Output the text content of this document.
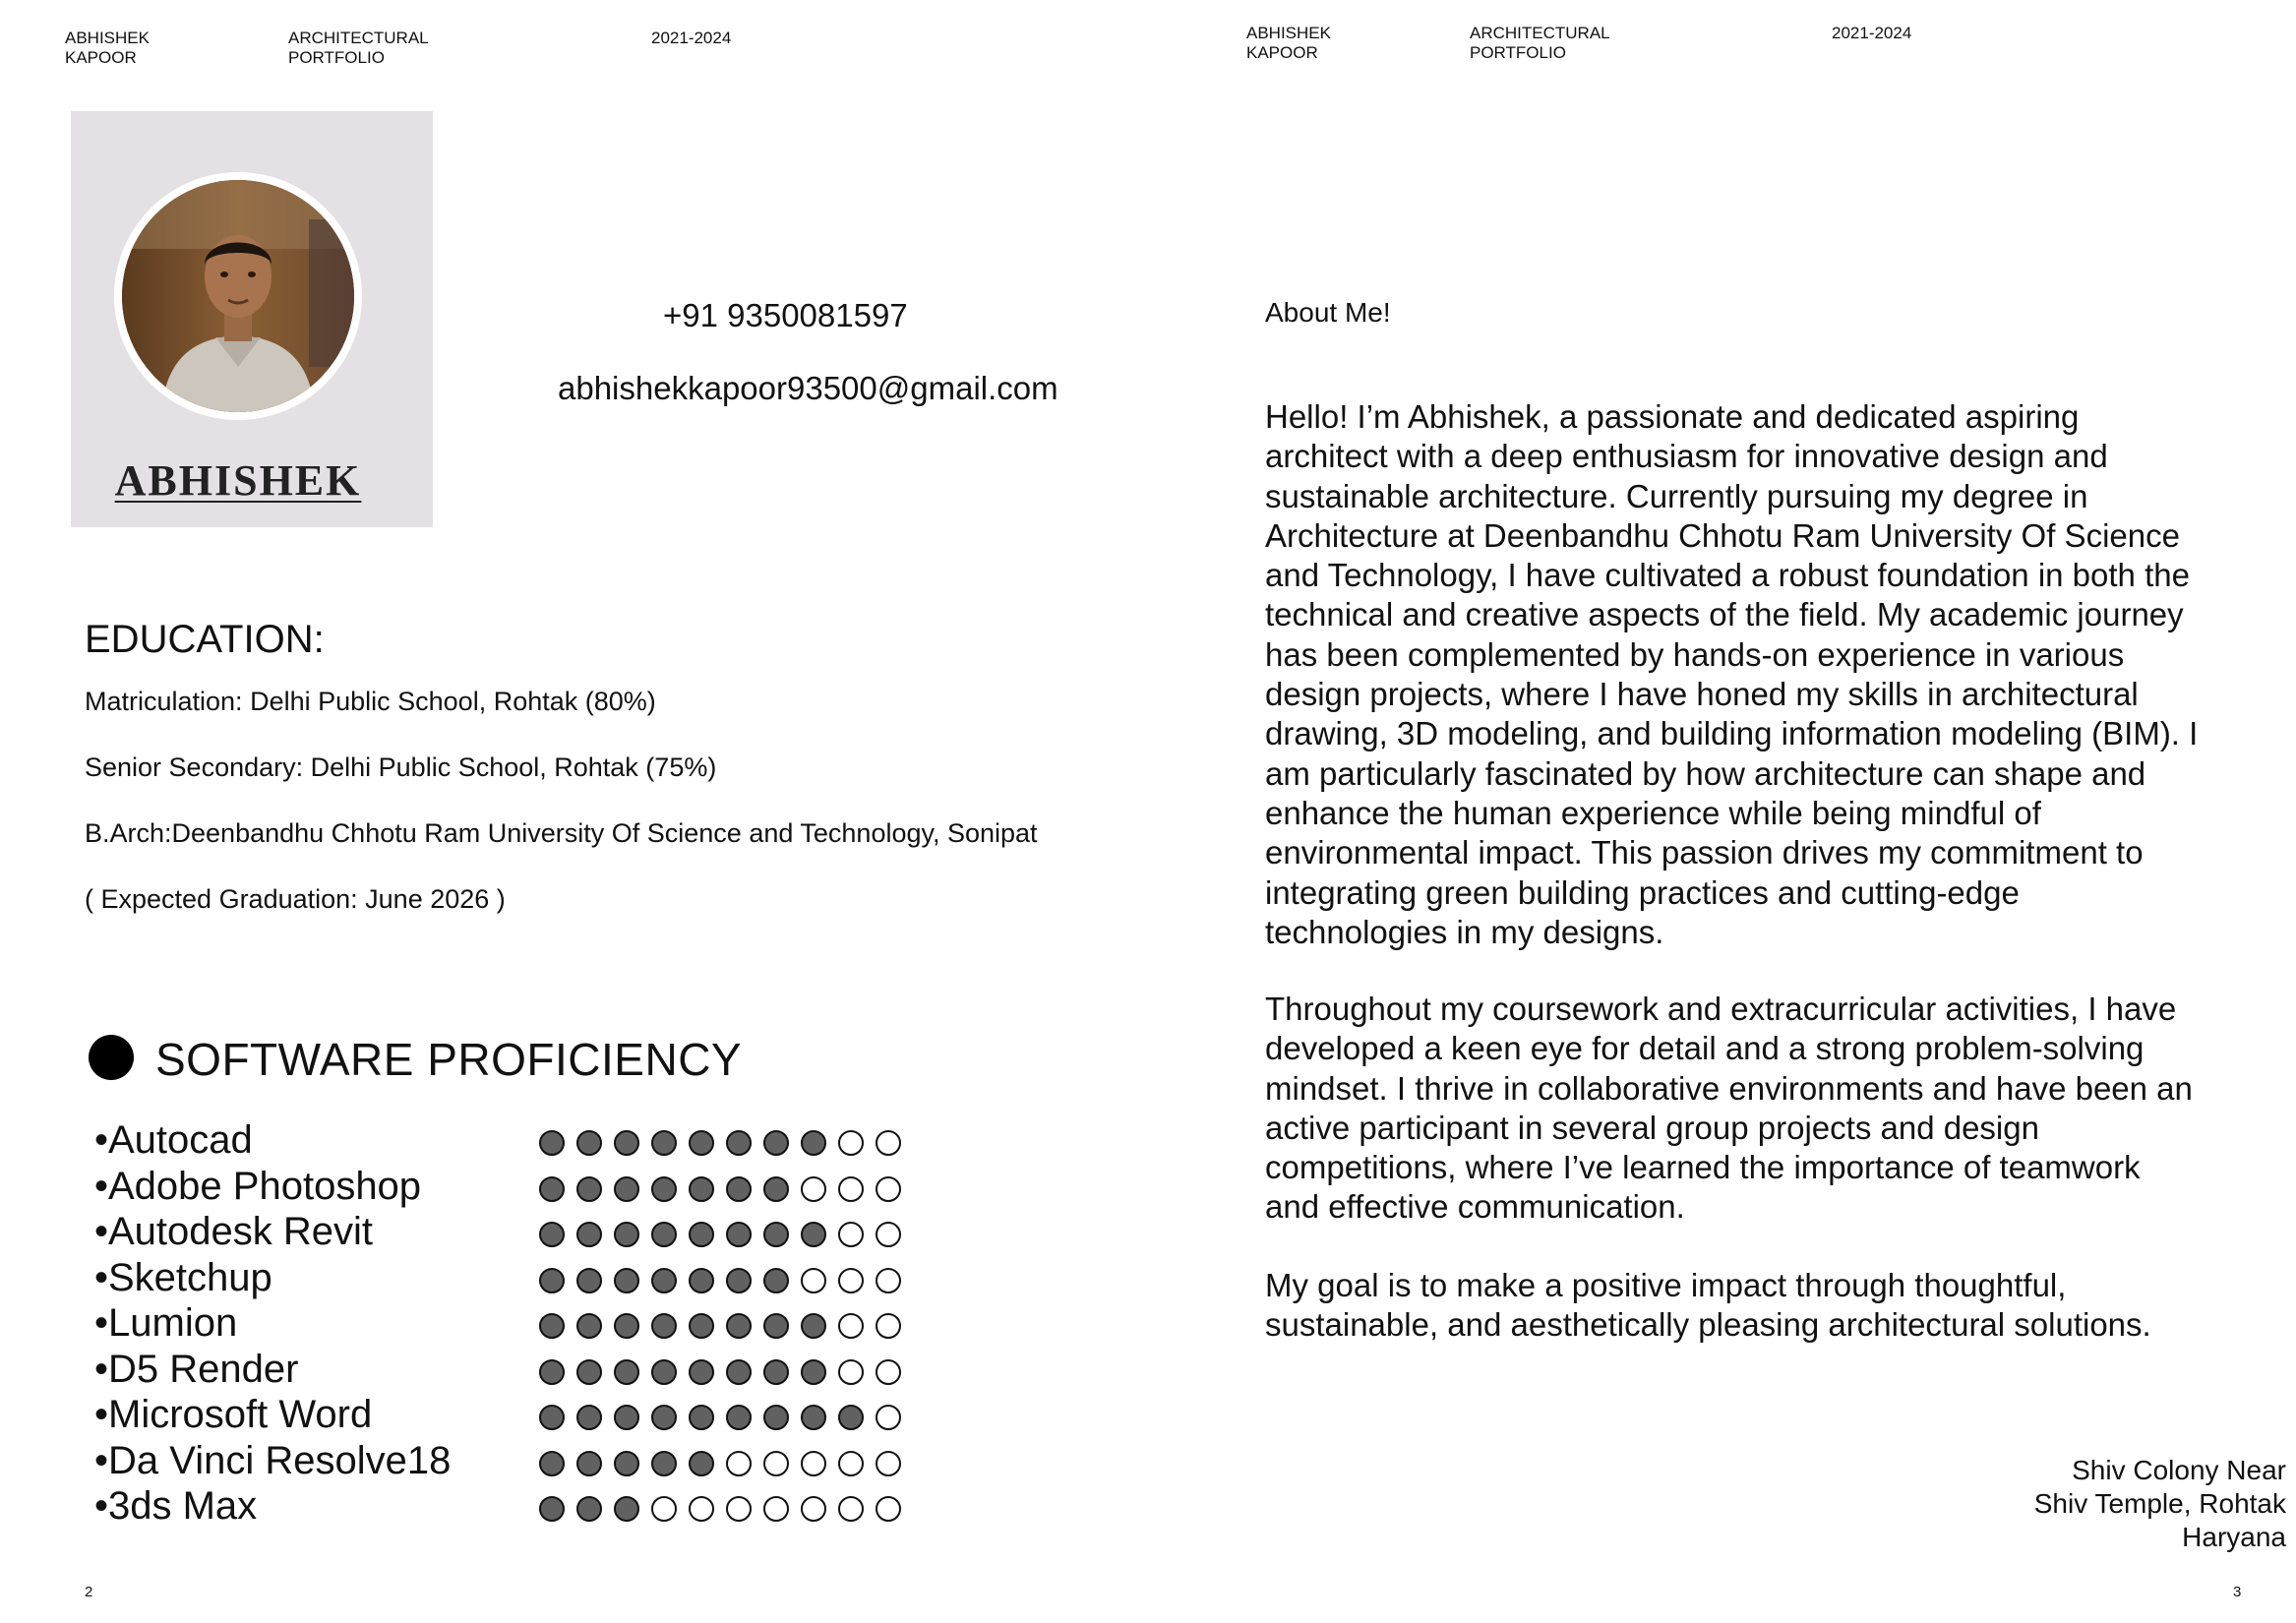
ABHISHEK
KAPOOR
ARCHITECTURAL
PORTFOLIO
2021-2024	ABHISHEK
KAPOOR
ARCHITECTURAL
PORTFOLIO
2021-2024
ABHISHEK
+91 9350081597
abhishekkapoor93500@gmail.com
EDUCATION:
Matriculation: Delhi Public School, Rohtak (80%)
Senior Secondary: Delhi Public School, Rohtak (75%)
B.Arch:Deenbandhu Chhotu Ram University Of Science and Technology, Sonipat
( Expected Graduation: June 2026 )
SOFTWARE PROFICIENCY
•Autocad
•Adobe Photoshop
•Autodesk Revit
•Sketchup
•Lumion
•D5 Render
•Microsoft Word
•Da Vinci Resolve18
•3ds Max
About Me!
Hello! I’m Abhishek, a passionate and dedicated aspiring architect with a deep enthusiasm for innovative design and sustainable architecture. Currently pursuing my degree in Architecture at Deenbandhu Chhotu Ram University Of Science and Technology, I have cultivated a robust foundation in both the technical and creative aspects of the field. My academic journey has been complemented by hands-on experience in various design projects, where I have honed my skills in architectural drawing, 3D modeling, and building information modeling (BIM). I am particularly fascinated by how architecture can shape and enhance the human experience while being mindful of environmental impact. This passion drives my commitment to integrating green building practices and cutting-edge technologies in my designs.
Throughout my coursework and extracurricular activities, I have developed a keen eye for detail and a strong problem-solving mindset. I thrive in collaborative environments and have been an active participant in several group projects and design competitions, where I’ve learned the importance of teamwork and effective communication.
My goal is to make a positive impact through thoughtful, sustainable, and aesthetically pleasing architectural solutions.
Shiv Colony Near
Shiv Temple, Rohtak
Haryana
2	3
